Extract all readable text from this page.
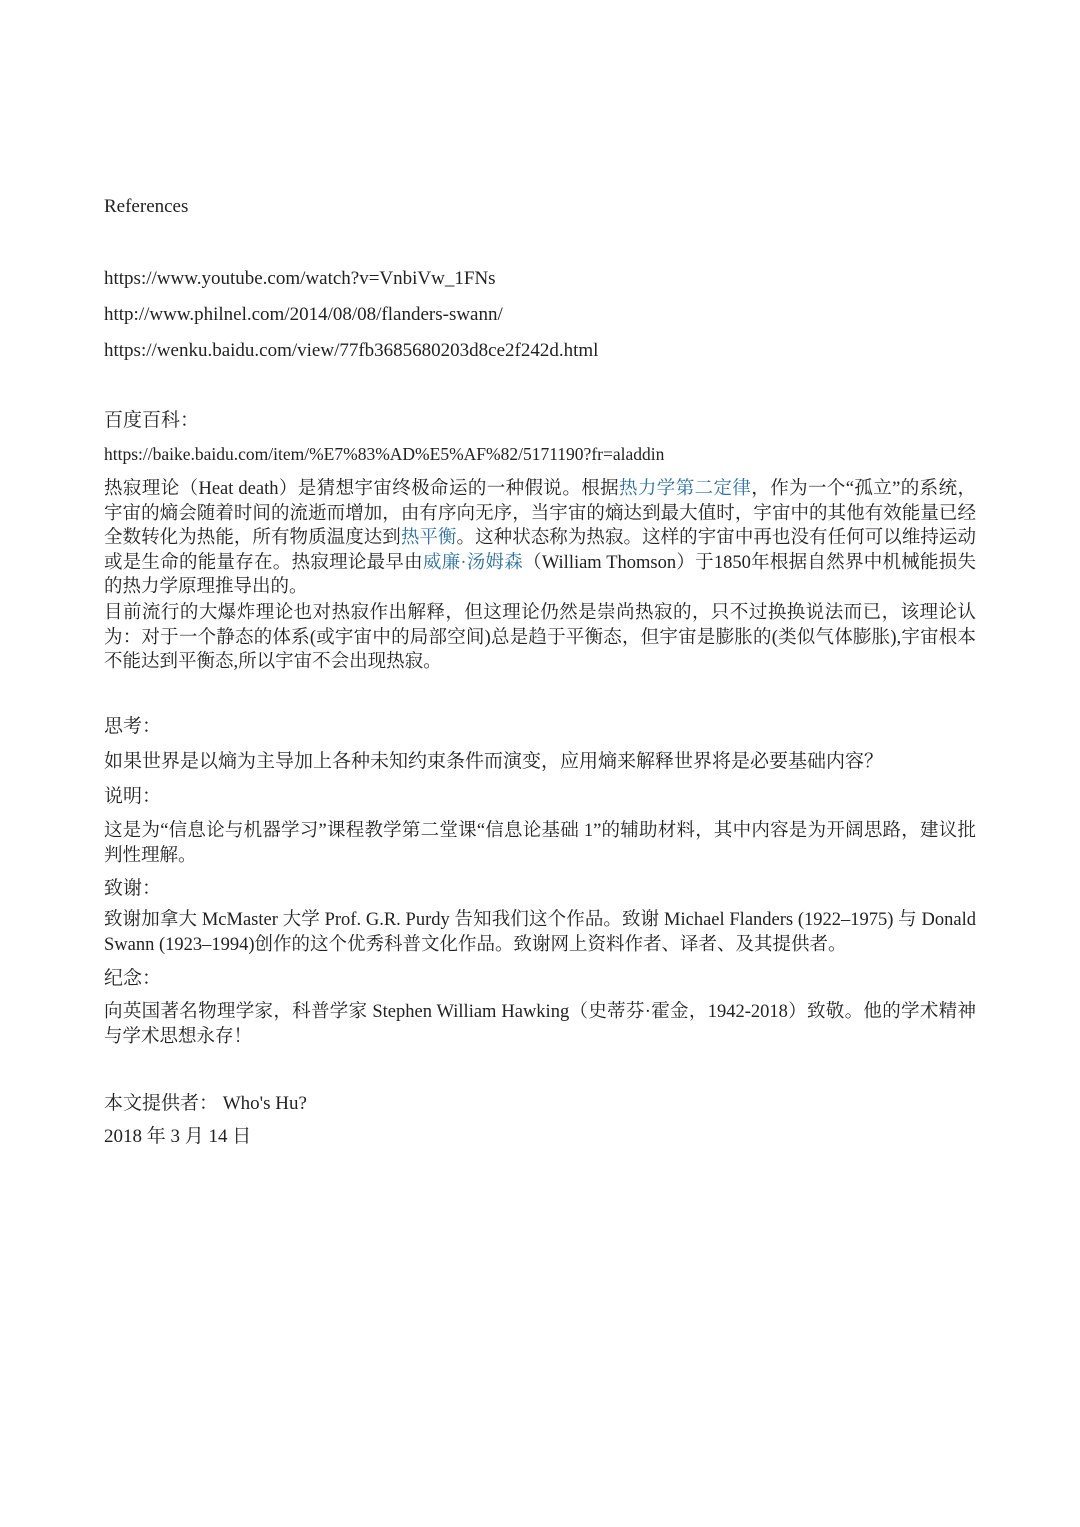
References

https://www.youtube.com/watch?v=VnbiVw_1FNs

http://www.philnel.com/2014/08/08/flanders-swann/

https://wenku.baidu.com/view/77fb3685680203d8ce2f242d.html

百度百科：

https://baike.baidu.com/item/%E7%83%AD%E5%AF%82/5171190?fr=aladdin

热寂理论（Heat death）是猜想宇宙终极命运的一种假说。根据热力学第二定律，作为一个“孤立”的系统，宇宙的熵会随着时间的流逝而增加，由有序向无序，当宇宙的熵达到最大值时，宇宙中的其他有效能量已经全数转化为热能，所有物质温度达到热平衡。这种状态称为热寂。这样的宇宙中再也没有任何可以维持运动或是生命的能量存在。热寂理论最早由威廉·汤姆森（William Thomson）于1850年根据自然界中机械能损失的热力学原理推导出的。

目前流行的大爆炸理论也对热寂作出解释，但这理论仍然是崇尚热寂的，只不过换换说法而已，该理论认为：对于一个静态的体系(或宇宙中的局部空间)总是趋于平衡态，但宇宙是膨胀的(类似气体膨胀),宇宙根本不能达到平衡态,所以宇宙不会出现热寂。

思考：

如果世界是以熵为主导加上各种未知约束条件而演变，应用熵来解释世界将是必要基础内容？

说明：

这是为“信息论与机器学习”课程教学第二堂课“信息论基础 1”的辅助材料，其中内容是为开阔思路，建议批判性理解。

致谢：

致谢加拿大 McMaster 大学 Prof. G.R. Purdy 告知我们这个作品。致谢 Michael Flanders (1922–1975) 与 Donald Swann (1923–1994)创作的这个优秀科普文化作品。致谢网上资料作者、译者、及其提供者。

纪念：

向英国著名物理学家，科普学家 Stephen William Hawking（史蒂芬·霍金，1942-2018）致敬。他的学术精神与学术思想永存！

本文提供者： Who's Hu?

2018 年 3 月 14 日
